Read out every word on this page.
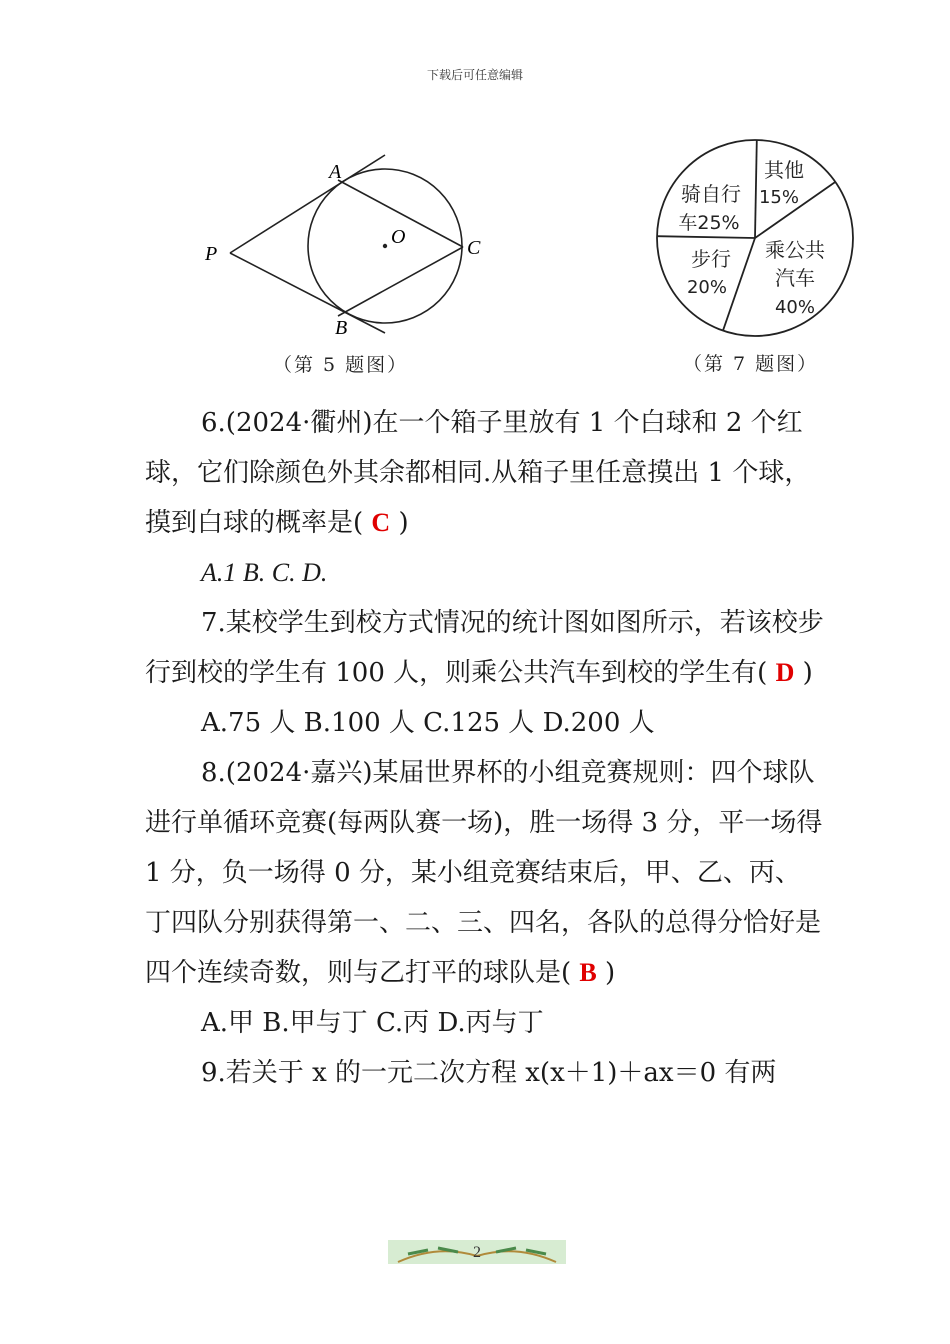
下载后可任意编辑
A
B
C
O
P
（第 5 题图）
其他
15%
乘公共
汽车
40%
步行
20%
骑自行
车25%
（第 7 题图）

6.(2024·衢州)在一个箱子里放有 1 个白球和 2 个红球，它们除颜色外其余都相同.从箱子里任意摸出 1 个球，摸到白球的概率是( C )

A.1 B. C. D.

7.某校学生到校方式情况的统计图如图所示，若该校步行到校的学生有 100 人，则乘公共汽车到校的学生有( D )

A.75 人 B.100 人 C.125 人 D.200 人

8.(2024·嘉兴)某届世界杯的小组竞赛规则：四个球队进行单循环竞赛(每两队赛一场)，胜一场得 3 分，平一场得 1 分，负一场得 0 分，某小组竞赛结束后，甲、乙、丙、丁四队分别获得第一、二、三、四名，各队的总得分恰好是四个连续奇数，则与乙打平的球队是( B )

A.甲 B.甲与丁 C.丙 D.丙与丁

9.若关于 x 的一元二次方程 x(x＋1)＋ax＝0 有两

2
